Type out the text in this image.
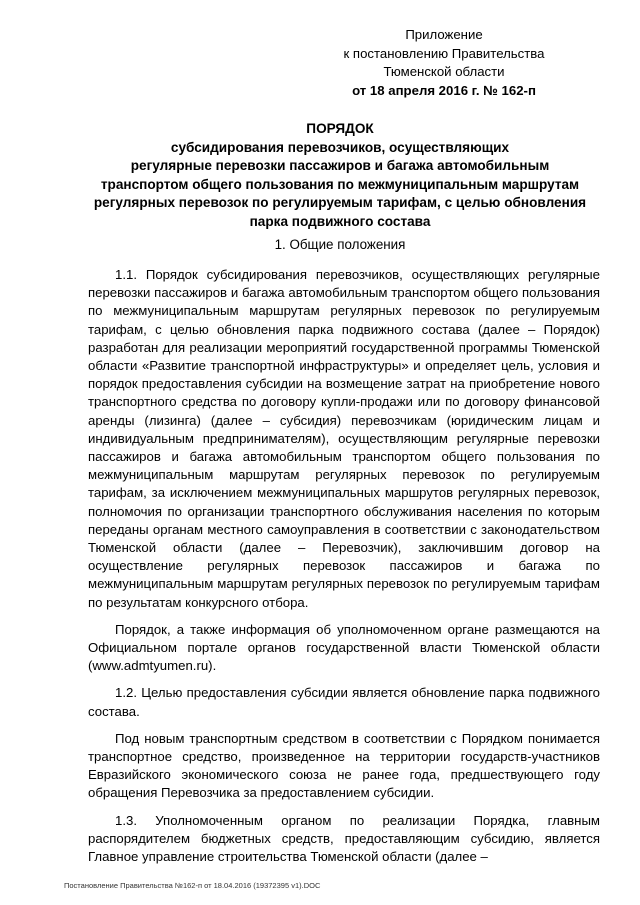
Приложение
к постановлению Правительства
Тюменской области
от 18 апреля 2016 г. № 162-п
ПОРЯДОК
субсидирования перевозчиков, осуществляющих
регулярные перевозки пассажиров и багажа автомобильным
транспортом общего пользования по межмуниципальным маршрутам
регулярных перевозок по регулируемым тарифам, с целью обновления
парка подвижного состава
1. Общие положения

1.1. Порядок субсидирования перевозчиков, осуществляющих регулярные перевозки пассажиров и багажа автомобильным транспортом общего пользования по межмуниципальным маршрутам регулярных перевозок по регулируемым тарифам, с целью обновления парка подвижного состава (далее – Порядок) разработан для реализации мероприятий государственной программы Тюменской области «Развитие транспортной инфраструктуры» и определяет цель, условия и порядок предоставления субсидии на возмещение затрат на приобретение нового транспортного средства по договору купли-продажи или по договору финансовой аренды (лизинга) (далее – субсидия) перевозчикам (юридическим лицам и индивидуальным предпринимателям), осуществляющим регулярные перевозки пассажиров и багажа автомобильным транспортом общего пользования по межмуниципальным маршрутам регулярных перевозок по регулируемым тарифам, за исключением межмуниципальных маршрутов регулярных перевозок, полномочия по организации транспортного обслуживания населения по которым переданы органам местного самоуправления в соответствии с законодательством Тюменской области (далее – Перевозчик), заключившим договор на осуществление регулярных перевозок пассажиров и багажа по межмуниципальным маршрутам регулярных перевозок по регулируемым тарифам по результатам конкурсного отбора.

Порядок, а также информация об уполномоченном органе размещаются на Официальном портале органов государственной власти Тюменской области (www.admtyumen.ru).

1.2. Целью предоставления субсидии является обновление парка подвижного состава.

Под новым транспортным средством в соответствии с Порядком понимается транспортное средство, произведенное на территории государств-участников Евразийского экономического союза не ранее года, предшествующего году обращения Перевозчика за предоставлением субсидии.

1.3. Уполномоченным органом по реализации Порядка, главным распорядителем бюджетных средств, предоставляющим субсидию, является Главное управление строительства Тюменской области (далее –

Постановление Правительства №162-п от 18.04.2016 (19372395 v1).DOC
